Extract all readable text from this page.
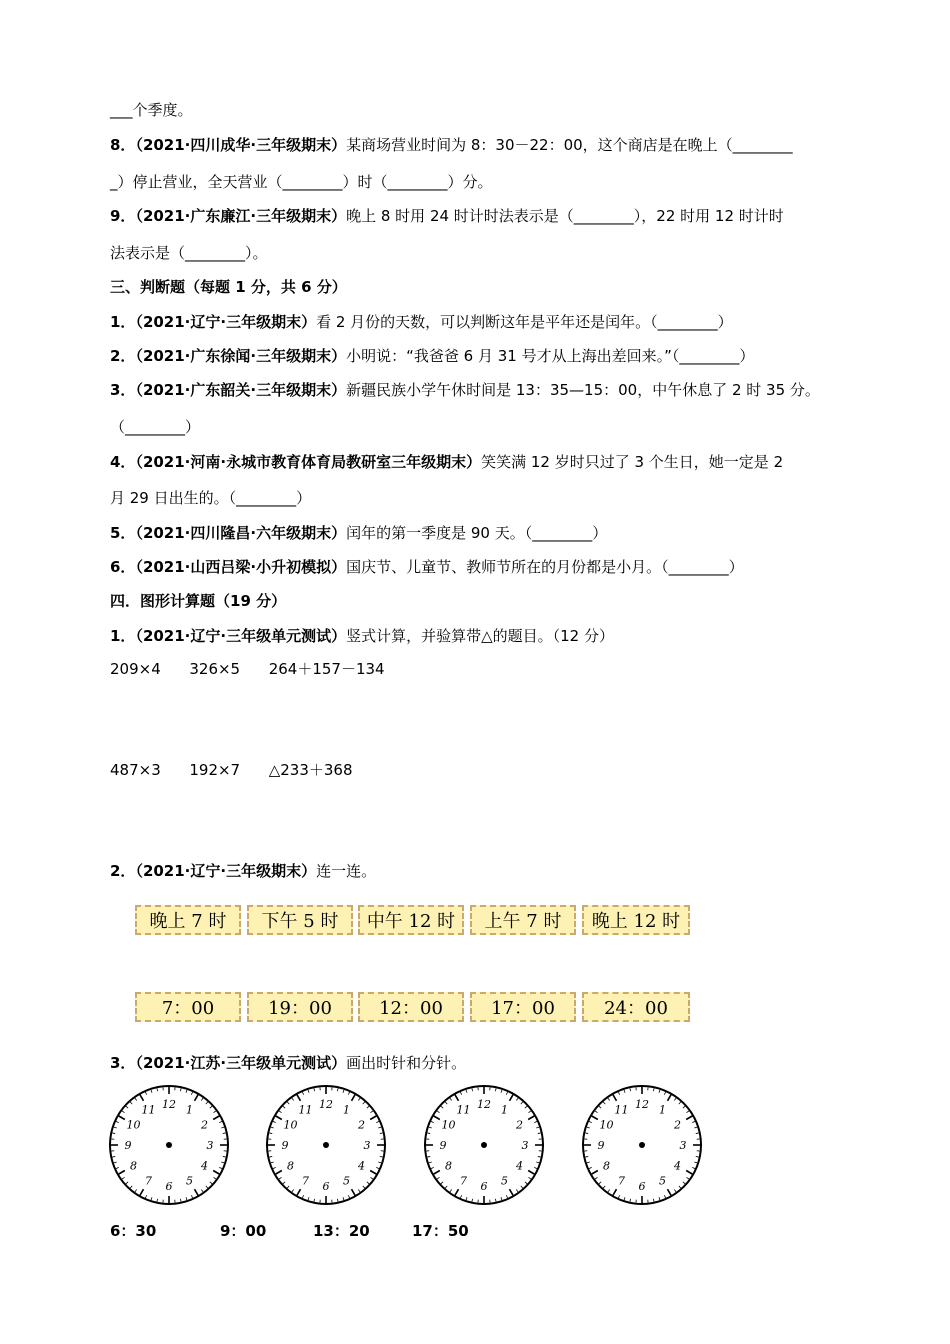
___个季度。
8．（2021·四川成华·三年级期末）某商场营业时间为 8：30－22：00，这个商店是在晚上（________
_）停止营业，全天营业（________）时（________）分。
9．（2021·广东廉江·三年级期末）晚上 8 时用 24 时计时法表示是（________），22 时用 12 时计时
法表示是（________）。
三、判断题（每题 1 分，共 6 分）
1．（2021·辽宁·三年级期末）看 2 月份的天数，可以判断这年是平年还是闰年。（________）
2．（2021·广东徐闻·三年级期末）小明说：“我爸爸 6 月 31 号才从上海出差回来。”（________）
3．（2021·广东韶关·三年级期末）新疆民族小学午休时间是 13：35—15：00，中午休息了 2 时 35 分。
（________）
4．（2021·河南·永城市教育体育局教研室三年级期末）笑笑满 12 岁时只过了 3 个生日，她一定是 2
月 29 日出生的。（________）
5．（2021·四川隆昌·六年级期末）闰年的第一季度是 90 天。（________）
6．（2021·山西吕梁·小升初模拟）国庆节、儿童节、教师节所在的月份都是小月。（________）
四．图形计算题（19 分）
1．（2021·辽宁·三年级单元测试）竖式计算，并验算带△的题目。（12 分）
209×4      326×5      264＋157－134
487×3      192×7      △233＋368
2．（2021·辽宁·三年级期末）连一连。
晚上 7 时	下午 5 时	中午 12 时	上午 7 时	晚上 12 时
7：00	19：00	12：00	17：00	24：00
3．（2021·江苏·三年级单元测试）画出时针和分针。
12 1
2
3
4
5
6
7
8
9
10
11	12 1
2
3
4
5
6
7
8
9
10
11	12 1
2
3
4
5
6
7
8
9
10
11	12 1
2
3
4
5
6
7
8
9
10
11
6：30	9：00	13：20	17：50
